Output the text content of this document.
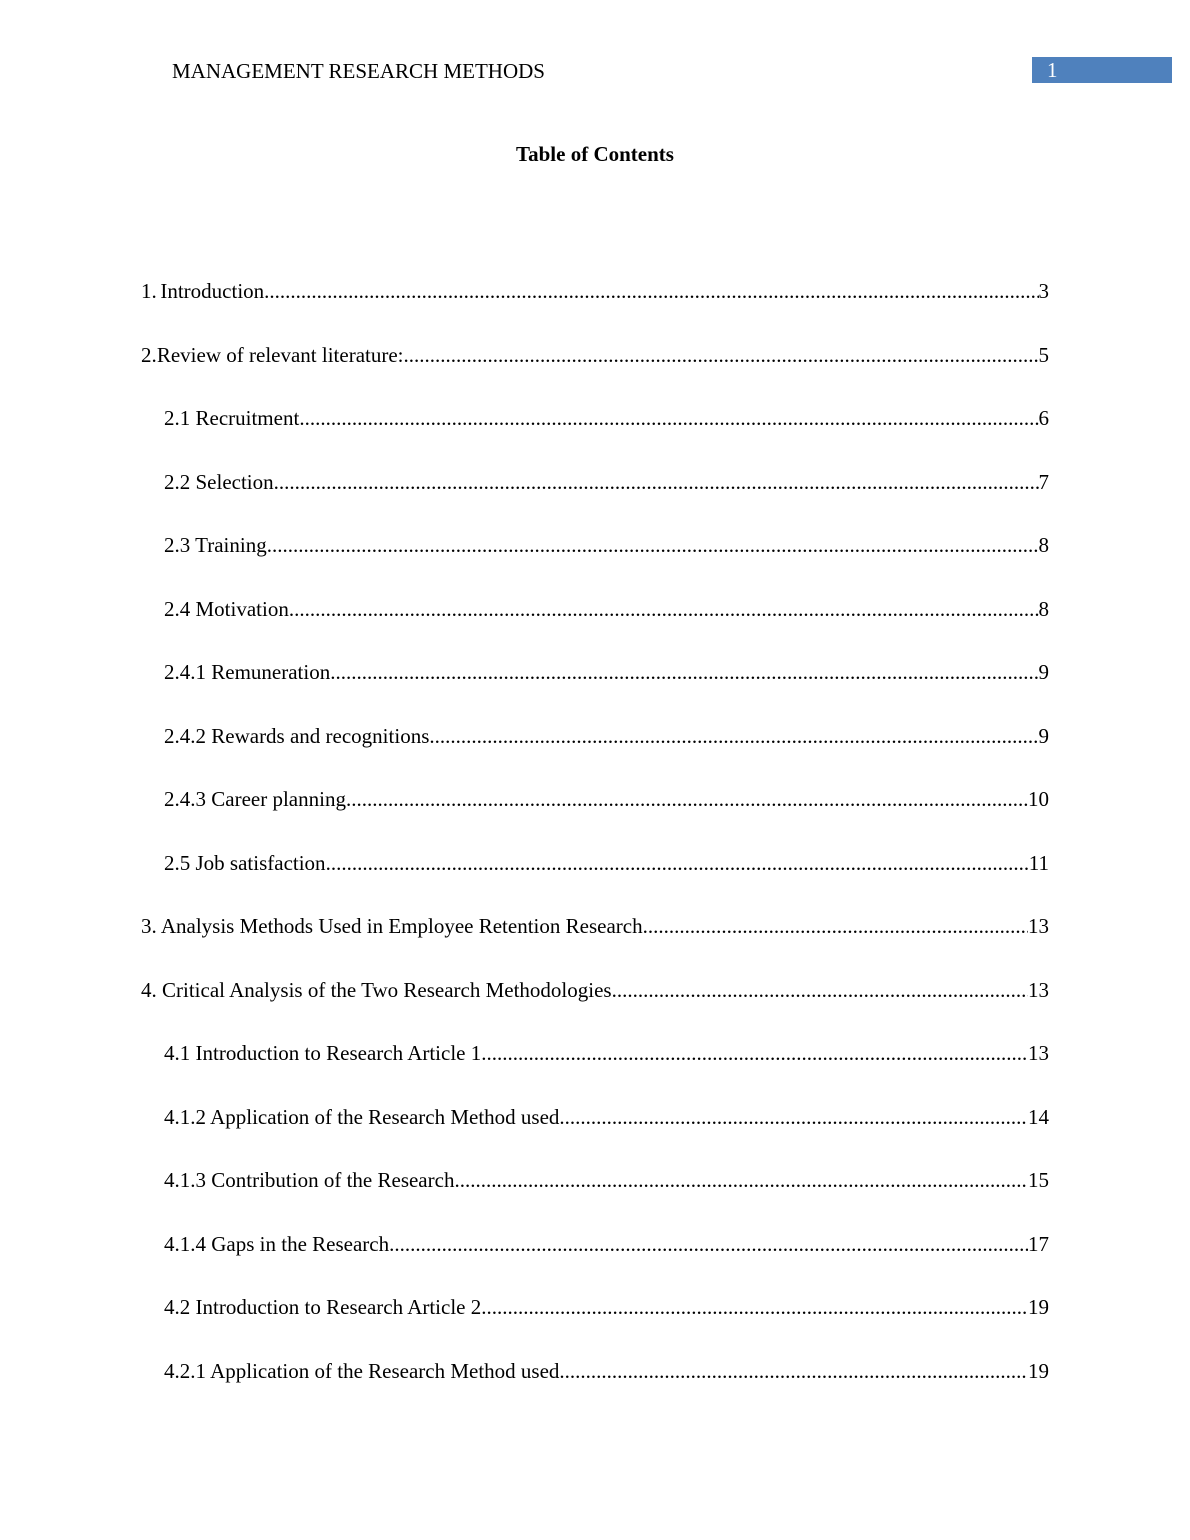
MANAGEMENT RESEARCH METHODS	1
Table of Contents
1. Introduction .....	3
2. Review of relevant literature: .....	5
2.1 Recruitment .....	6
2.2 Selection .....	7
2.3 Training .....	8
2.4 Motivation .....	8
2.4.1 Remuneration .....	9
2.4.2 Rewards and recognitions .....	9
2.4.3 Career planning .....	10
2.5 Job satisfaction .....	11
3. Analysis Methods Used in Employee Retention Research .....	13
4. Critical Analysis of the Two Research Methodologies .....	13
4.1 Introduction to Research Article 1 .....	13
4.1.2 Application of the Research Method used .....	14
4.1.3 Contribution of the Research .....	15
4.1.4 Gaps in the Research .....	17
4.2 Introduction to Research Article 2 .....	19
4.2.1 Application of the Research Method used .....	19
